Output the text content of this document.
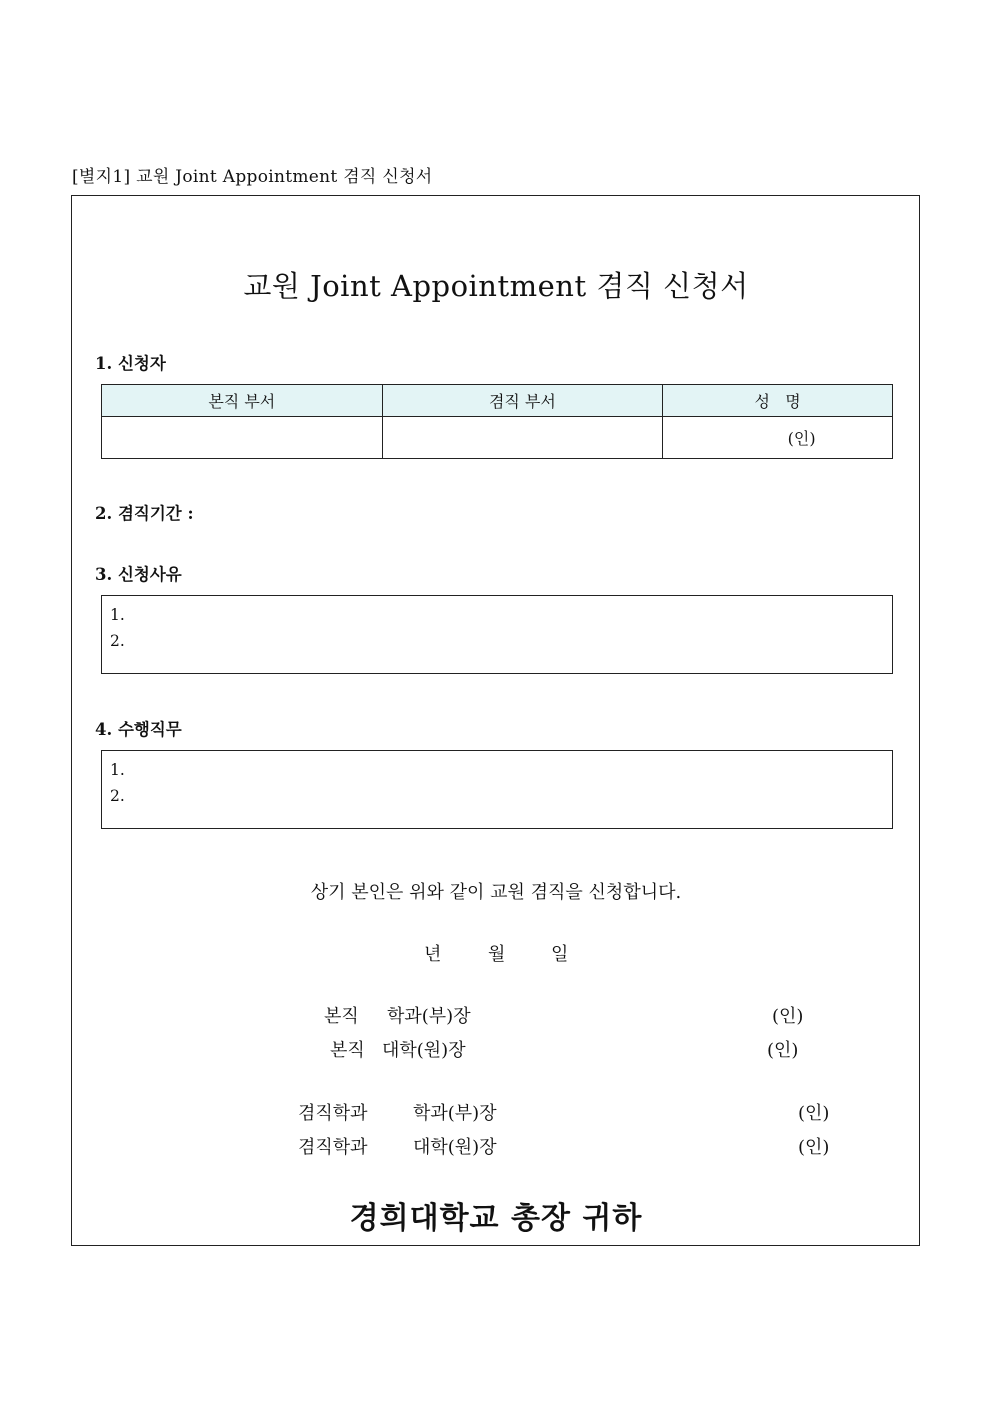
[별지1] 교원 Joint Appointment 겸직 신청서
교원 Joint Appointment 겸직 신청서
1. 신청자
본직 부서	겸직 부서	성   명
		(인)
2. 겸직기간 :
3. 신청사유
1.
2.
4. 수행직무
1.
2.
상기 본인은 위와 같이 교원 겸직을 신청합니다.
년	월	일
본직 학과(부)장	(인)
본직 대학(원)장	(인)
겸직학과	학과(부)장	(인)
겸직학과	대학(원)장	(인)
경희대학교 총장 귀하
